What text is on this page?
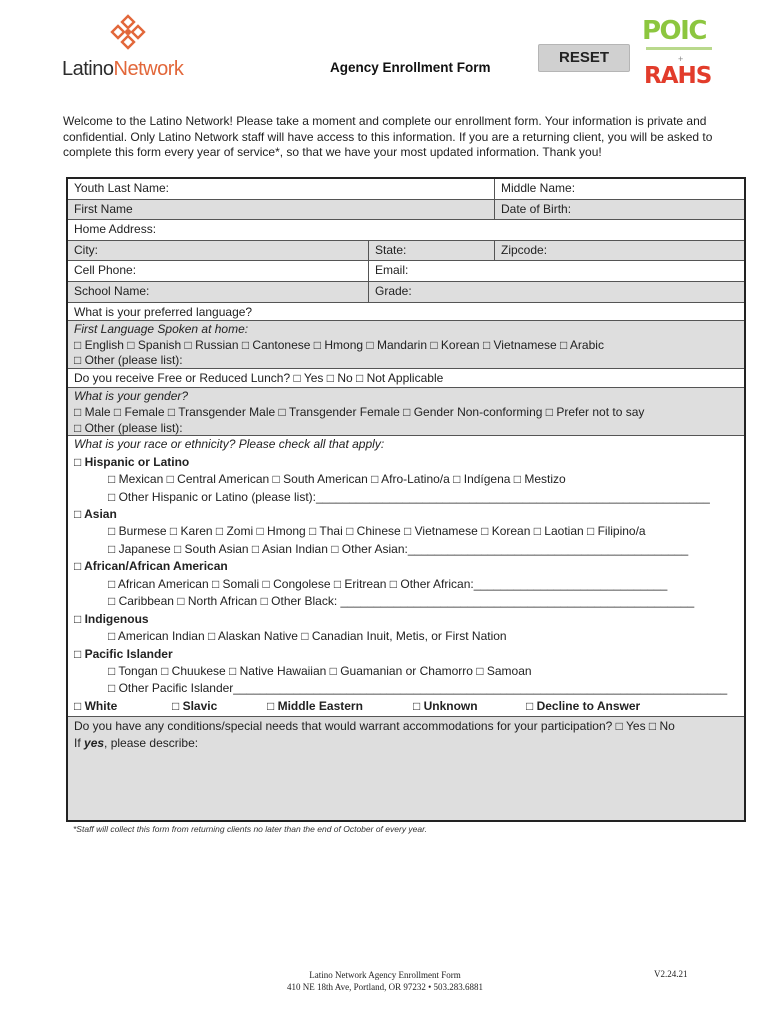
LatinoNetwork	Agency Enrollment Form
RESET
POIC
+
RAHS
Welcome to the Latino Network! Please take a moment and complete our enrollment form. Your information is private and confidential. Only Latino Network staff will have access to this information. If you are a returning client, you will be asked to complete this form every year of service*, so that we have your most updated information. Thank you!
Youth Last Name:	Middle Name:
First Name	Date of Birth:
Home Address:
City:	State:	Zipcode:
Cell Phone:	Email:
School Name:	Grade:
What is your preferred language?
First Language Spoken at home:
□ English □ Spanish □ Russian □ Cantonese □ Hmong □ Mandarin □ Korean □ Vietnamese □ Arabic
□ Other (please list):
Do you receive Free or Reduced Lunch? □ Yes □ No □ Not Applicable
What is your gender?
□ Male □ Female □ Transgender Male □ Transgender Female □ Gender Non-conforming □ Prefer not to say
□ Other (please list):
What is your race or ethnicity? Please check all that apply:
□ Hispanic or Latino
□ Mexican □ Central American □ South American □ Afro-Latino/a □ Indígena □ Mestizo
□ Other Hispanic or Latino (please list):___________________________________________________________
□ Asian
□ Burmese □ Karen □ Zomi □ Hmong □ Thai □ Chinese □ Vietnamese □ Korean □ Laotian □ Filipino/a
□ Japanese □ South Asian □ Asian Indian □ Other Asian:__________________________________________
□ African/African American
□ African American □ Somali □ Congolese □ Eritrean □ Other African:_____________________________
□ Caribbean □ North African □ Other Black: _____________________________________________________
□ Indigenous
□ American Indian □ Alaskan Native □ Canadian Inuit, Metis, or First Nation
□ Pacific Islander
□ Tongan □ Chuukese □ Native Hawaiian □ Guamanian or Chamorro □ Samoan
□ Other Pacific Islander__________________________________________________________________________
□ White	□ Slavic	□ Middle Eastern	□ Unknown	□ Decline to Answer
Do you have any conditions/special needs that would warrant accommodations for your participation? □ Yes □ No
If yes, please describe:
*Staff will collect this form from returning clients no later than the end of October of every year.
Latino Network Agency Enrollment Form
410 NE 18th Ave, Portland, OR 97232 • 503.283.6881
V2.24.21
